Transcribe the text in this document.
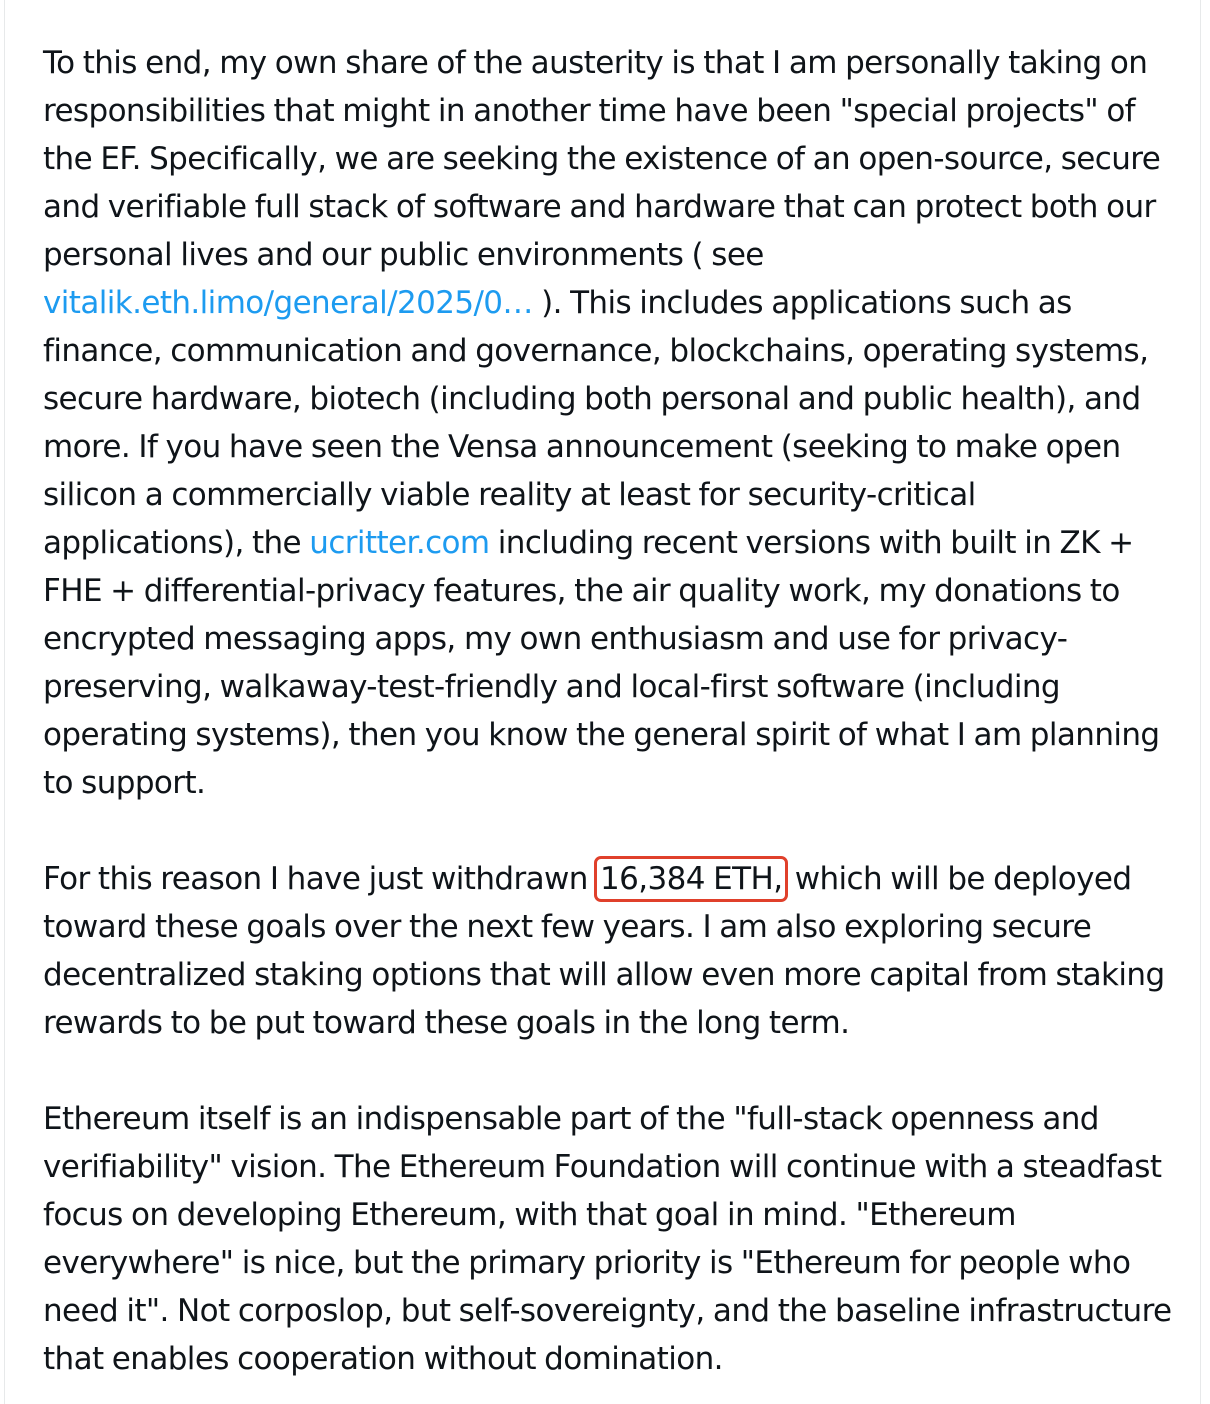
To this end, my own share of the austerity is that I am personally taking on responsibilities that might in another time have been "special projects" of the EF. Specifically, we are seeking the existence of an open-source, secure and verifiable full stack of software and hardware that can protect both our personal lives and our public environments ( see vitalik.eth.limo/general/2025/0… ). This includes applications such as finance, communication and governance, blockchains, operating systems, secure hardware, biotech (including both personal and public health), and more. If you have seen the Vensa announcement (seeking to make open silicon a commercially viable reality at least for security-critical applications), the ucritter.com including recent versions with built in ZK + FHE + differential-privacy features, the air quality work, my donations to encrypted messaging apps, my own enthusiasm and use for privacy-preserving, walkaway-test-friendly and local-first software (including operating systems), then you know the general spirit of what I am planning to support.

For this reason I have just withdrawn 16,384 ETH, which will be deployed toward these goals over the next few years. I am also exploring secure decentralized staking options that will allow even more capital from staking rewards to be put toward these goals in the long term.

Ethereum itself is an indispensable part of the "full-stack openness and verifiability" vision. The Ethereum Foundation will continue with a steadfast focus on developing Ethereum, with that goal in mind. "Ethereum everywhere" is nice, but the primary priority is "Ethereum for people who need it". Not corposlop, but self-sovereignty, and the baseline infrastructure that enables cooperation without domination.
